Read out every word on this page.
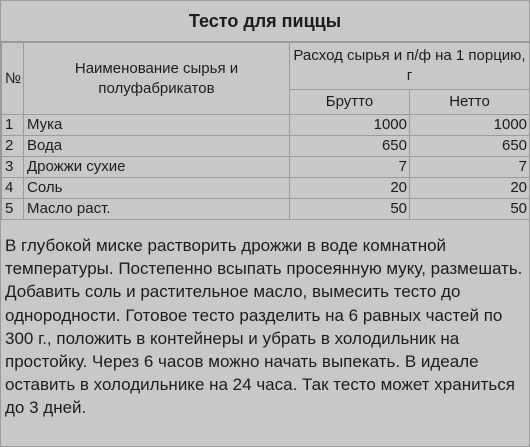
Тесто для пиццы
№	Наименование сырья и полуфабрикатов	Расход сырья и п/ф на 1 порцию, г	
		Брутто	Нетто
1	Мука	1000	1000
2	Вода	650	650
3	Дрожжи сухие	7	7
4	Соль	20	20
5	Масло раст.	50	50
В глубокой миске растворить дрожжи в воде комнатной температуры. Постепенно всыпать просеянную муку, размешать. Добавить соль и растительное масло, вымесить тесто до однородности. Готовое тесто разделить на 6 равных частей по 300 г., положить в контейнеры и убрать в холодильник на простойку. Через 6 часов можно начать выпекать. В идеале оставить в холодильнике на 24 часа. Так тесто может храниться до 3 дней.
